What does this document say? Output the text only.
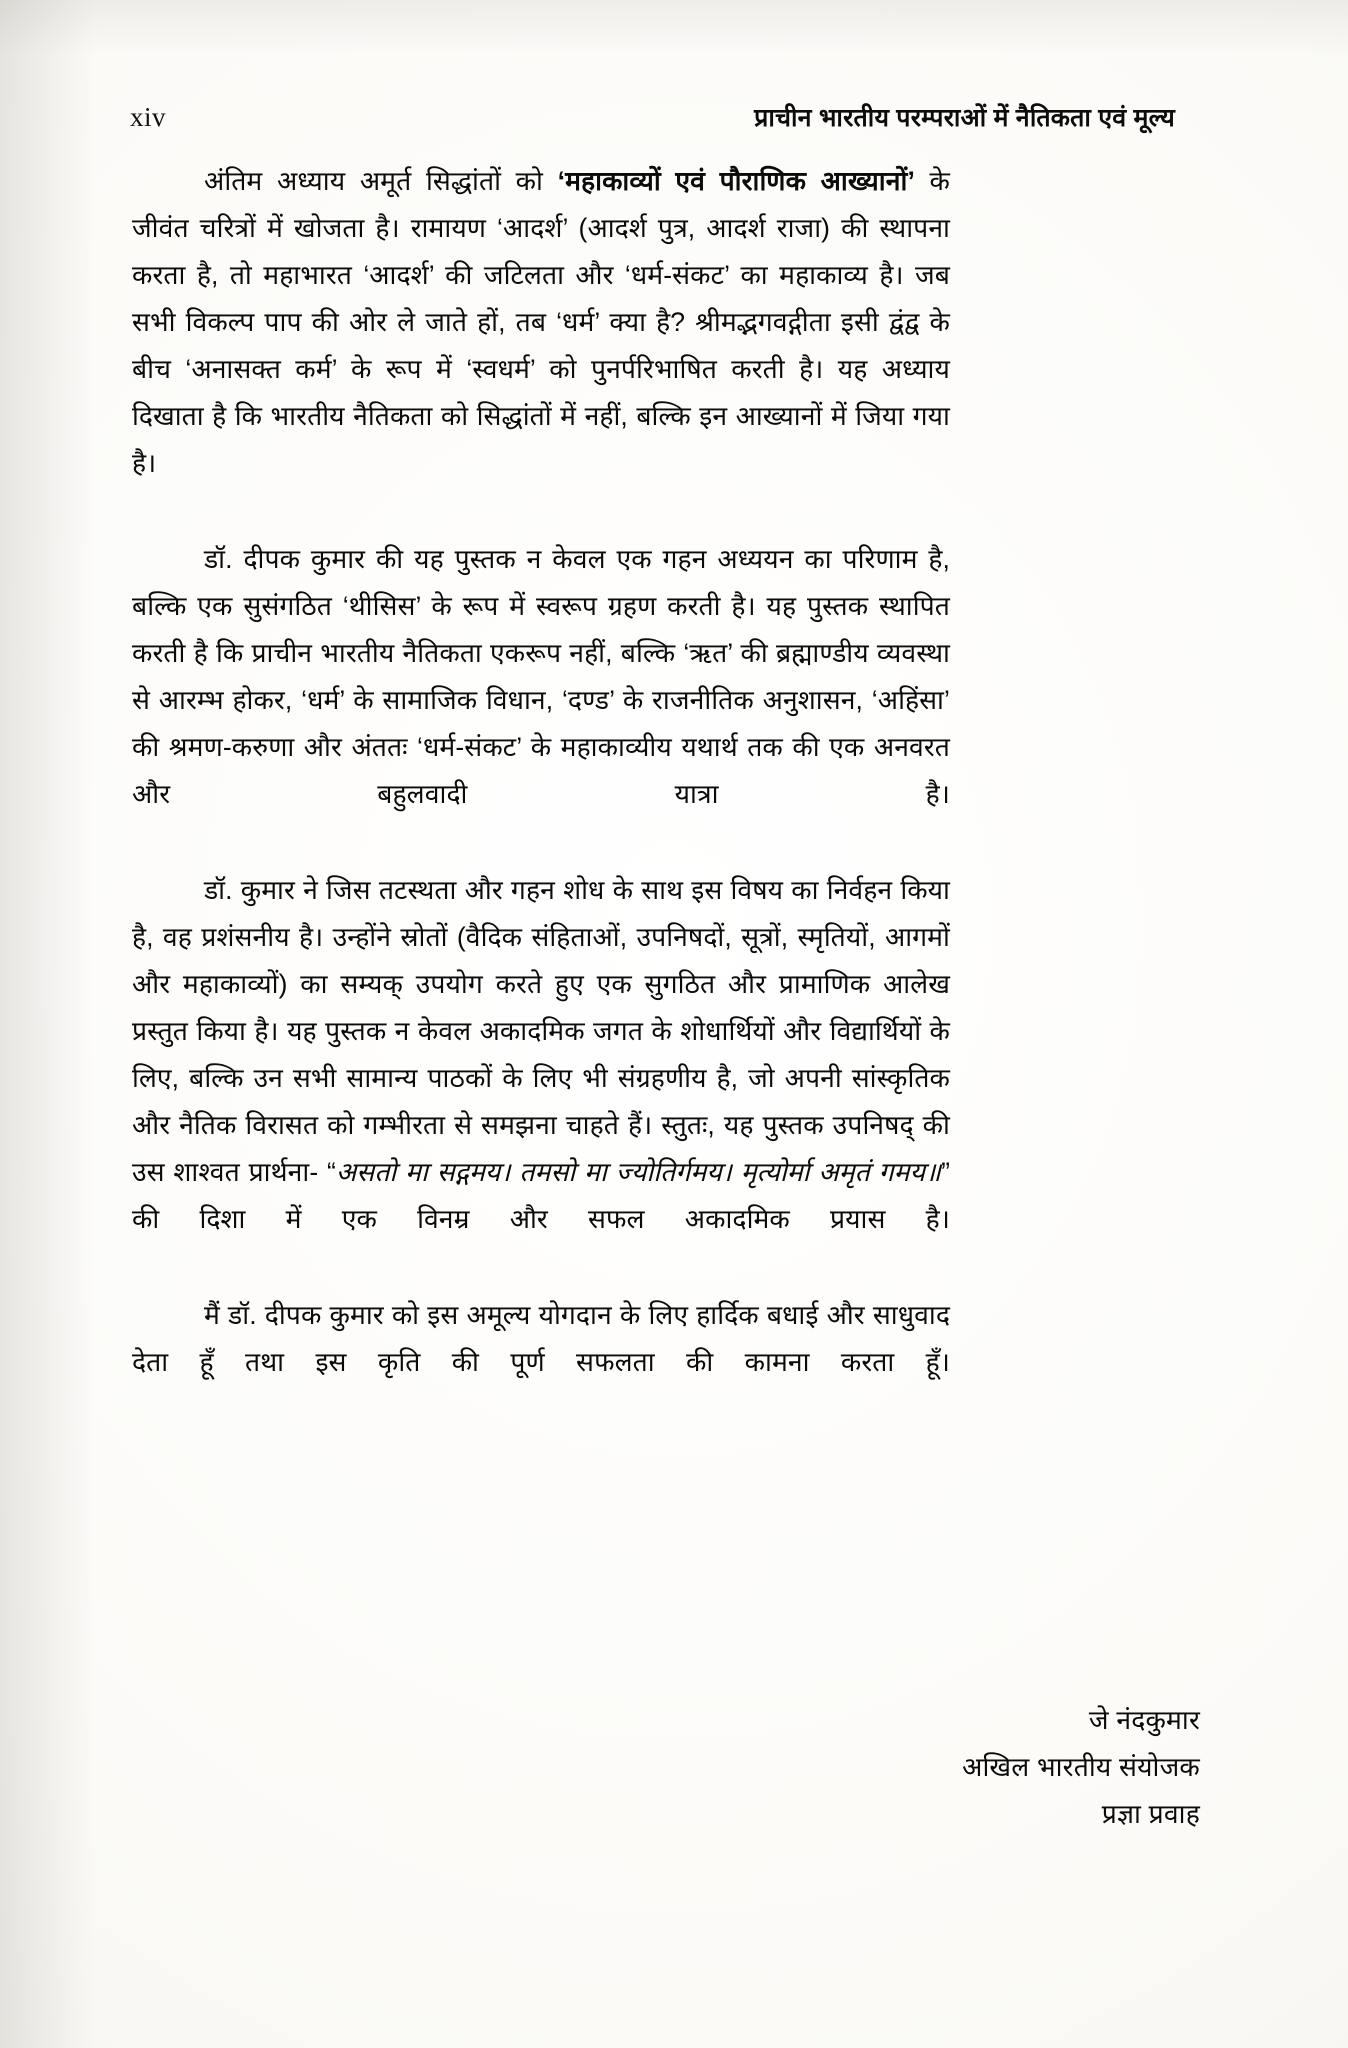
xiv	प्राचीन भारतीय परम्पराओं में नैतिकता एवं मूल्य

अंतिम अध्याय अमूर्त सिद्धांतों को ‘महाकाव्यों एवं पौराणिक आख्यानों’ के जीवंत चरित्रों में खोजता है। रामायण ‘आदर्श’ (आदर्श पुत्र, आदर्श राजा) की स्थापना करता है, तो महाभारत ‘आदर्श’ की जटिलता और ‘धर्म-संकट’ का महाकाव्य है। जब सभी विकल्प पाप की ओर ले जाते हों, तब ‘धर्म’ क्या है? श्रीमद्भगवद्गीता इसी द्वंद्व के बीच ‘अनासक्त कर्म’ के रूप में ‘स्वधर्म’ को पुनर्परिभाषित करती है। यह अध्याय दिखाता है कि भारतीय नैतिकता को सिद्धांतों में नहीं, बल्कि इन आख्यानों में जिया गया है।

डॉ. दीपक कुमार की यह पुस्तक न केवल एक गहन अध्ययन का परिणाम है, बल्कि एक सुसंगठित ‘थीसिस’ के रूप में स्वरूप ग्रहण करती है। यह पुस्तक स्थापित करती है कि प्राचीन भारतीय नैतिकता एकरूप नहीं, बल्कि ‘ऋत’ की ब्रह्माण्डीय व्यवस्था से आरम्भ होकर, ‘धर्म’ के सामाजिक विधान, ‘दण्ड’ के राजनीतिक अनुशासन, ‘अहिंसा’ की श्रमण-करुणा और अंततः ‘धर्म-संकट’ के महाकाव्यीय यथार्थ तक की एक अनवरत और बहुलवादी यात्रा है।

डॉ. कुमार ने जिस तटस्थता और गहन शोध के साथ इस विषय का निर्वहन किया है, वह प्रशंसनीय है। उन्होंने स्रोतों (वैदिक संहिताओं, उपनिषदों, सूत्रों, स्मृतियों, आगमों और महाकाव्यों) का सम्यक् उपयोग करते हुए एक सुगठित और प्रामाणिक आलेख प्रस्तुत किया है। यह पुस्तक न केवल अकादमिक जगत के शोधार्थियों और विद्यार्थियों के लिए, बल्कि उन सभी सामान्य पाठकों के लिए भी संग्रहणीय है, जो अपनी सांस्कृतिक और नैतिक विरासत को गम्भीरता से समझना चाहते हैं। स्तुतः, यह पुस्तक उपनिषद् की उस शाश्वत प्रार्थना- “असतो मा सद्गमय। तमसो मा ज्योतिर्गमय। मृत्योर्मा अमृतं गमय॥” की दिशा में एक विनम्र और सफल अकादमिक प्रयास है।

मैं डॉ. दीपक कुमार को इस अमूल्य योगदान के लिए हार्दिक बधाई और साधुवाद देता हूँ तथा इस कृति की पूर्ण सफलता की कामना करता हूँ।

जे नंदकुमार
अखिल भारतीय संयोजक
प्रज्ञा प्रवाह
